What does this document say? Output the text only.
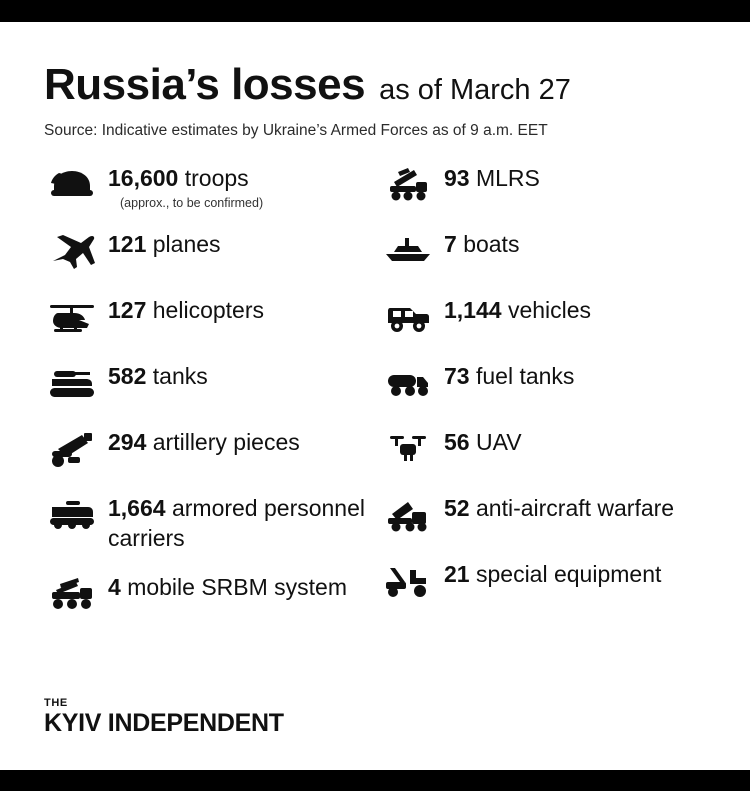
Russia’s losses as of March 27
Source: Indicative estimates by Ukraine’s Armed Forces as of 9 a.m. EET
16,600 troops
(approx., to be confirmed)
121 planes
127 helicopters
582 tanks
294 artillery pieces
1,664 armored personnel carriers
4 mobile SRBM system
93 MLRS
7 boats
1,144 vehicles
73 fuel tanks
56 UAV
52 anti-aircraft warfare
21 special equipment
THE
KYIV INDEPENDENT
